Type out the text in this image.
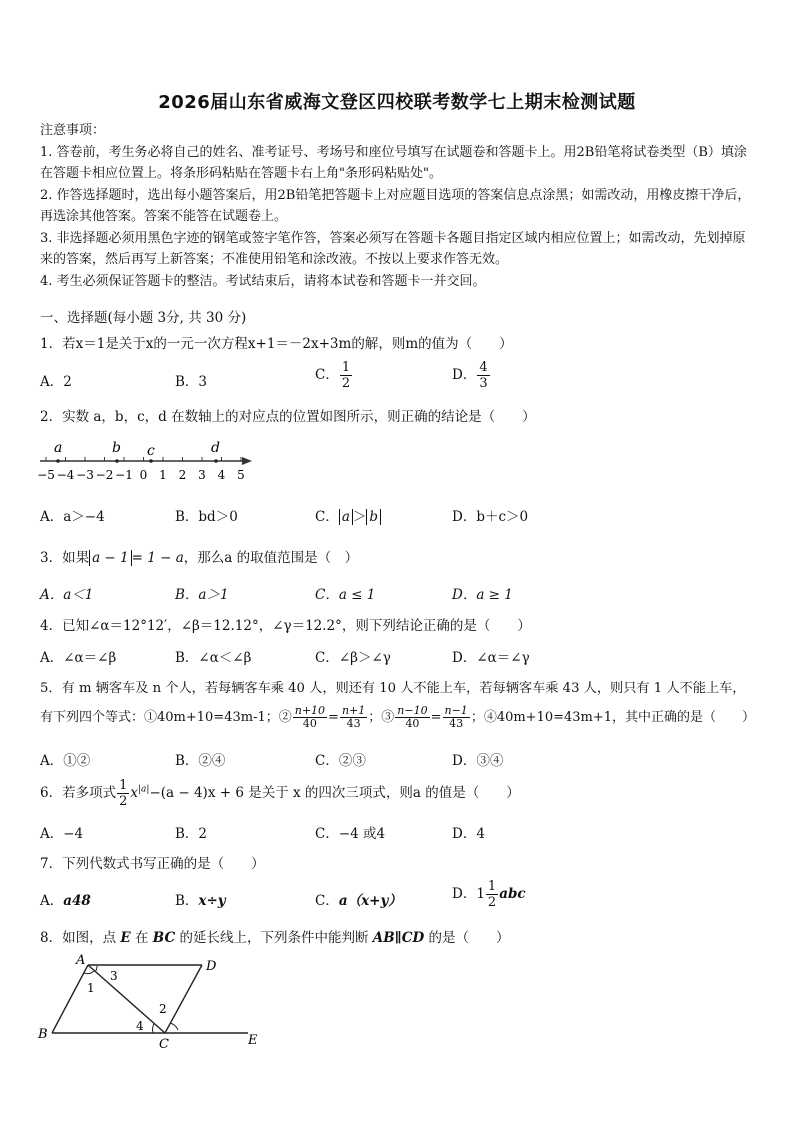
2026届山东省威海文登区四校联考数学七上期末检测试题

注意事项：

1. 答卷前，考生务必将自己的姓名、准考证号、考场号和座位号填写在试题卷和答题卡上。用2B铅笔将试卷类型（B）填涂在答题卡相应位置上。将条形码粘贴在答题卡右上角"条形码粘贴处"。

2. 作答选择题时，选出每小题答案后，用2B铅笔把答题卡上对应题目选项的答案信息点涂黑；如需改动，用橡皮擦干净后，再选涂其他答案。答案不能答在试题卷上。

3. 非选择题必须用黑色字迹的钢笔或签字笔作答，答案必须写在答题卡各题目指定区域内相应位置上；如需改动，先划掉原来的答案，然后再写上新答案；不准使用铅笔和涂改液。不按以上要求作答无效。

4. 考生必须保证答题卡的整洁。考试结束后，请将本试卷和答题卡一并交回。

一、选择题(每小题 3分, 共 30 分)
1．若x＝1是关于x的一元一次方程x+1＝－2x+3m的解，则m的值为（　　）
A．2	B．3	C． $\frac{1}{2}$	D． $\frac{4}{3}$
2．实数 a，b，c，d 在数轴上的对应点的位置如图所示，则正确的结论是（　　）
−5 −4 −3 −2 −1 0 1 2 3 4 5
a	b c	d
A．a＞−4	B．bd＞0	C． a ＞ b	D．b＋c＞0
3．如果 a − 1 = 1 − a，那么a 的取值范围是（　）
A．a＜1	B．a＞1	C．a ≤ 1	D．a ≥ 1
4．已知∠α＝12°12′，∠β＝12.12°，∠γ＝12.2°，则下列结论正确的是（　　）
A．∠α＝∠β	B．∠α＜∠β	C．∠β＞∠γ	D．∠α＝∠γ
5．有 m 辆客车及 n 个人，若每辆客车乘 40 人，则还有 10 人不能上车，若每辆客车乘 43 人，则只有 1 人不能上车，
有下列四个等式：①40m+10=43m-1；② $\frac{n+10}{40} = \frac{n+1}{43}$ ；③ $\frac{n-10}{40} = \frac{n-1}{43}$ ；④40m+10=43m+1，其中正确的是（　　）
A．①②	B．②④	C．②③	D．③④
6．若多项式 $\frac{1}{2} x^{|a|}-(a - 4)x + 6$ 是关于 x 的四次三项式，则a 的值是（　　）
A．−4	B．2	C．−4 或4	D．4
7．下列代数式书写正确的是（　　）
A．a48	B．x÷y	C．a（x+y）	D．$1 \frac{1}{2}$ abc
8．如图，点 E 在 BC 的延长线上，下列条件中能判断 AB∥CD 的是（　　）
A	D
B
C	E
1
2
3
4
